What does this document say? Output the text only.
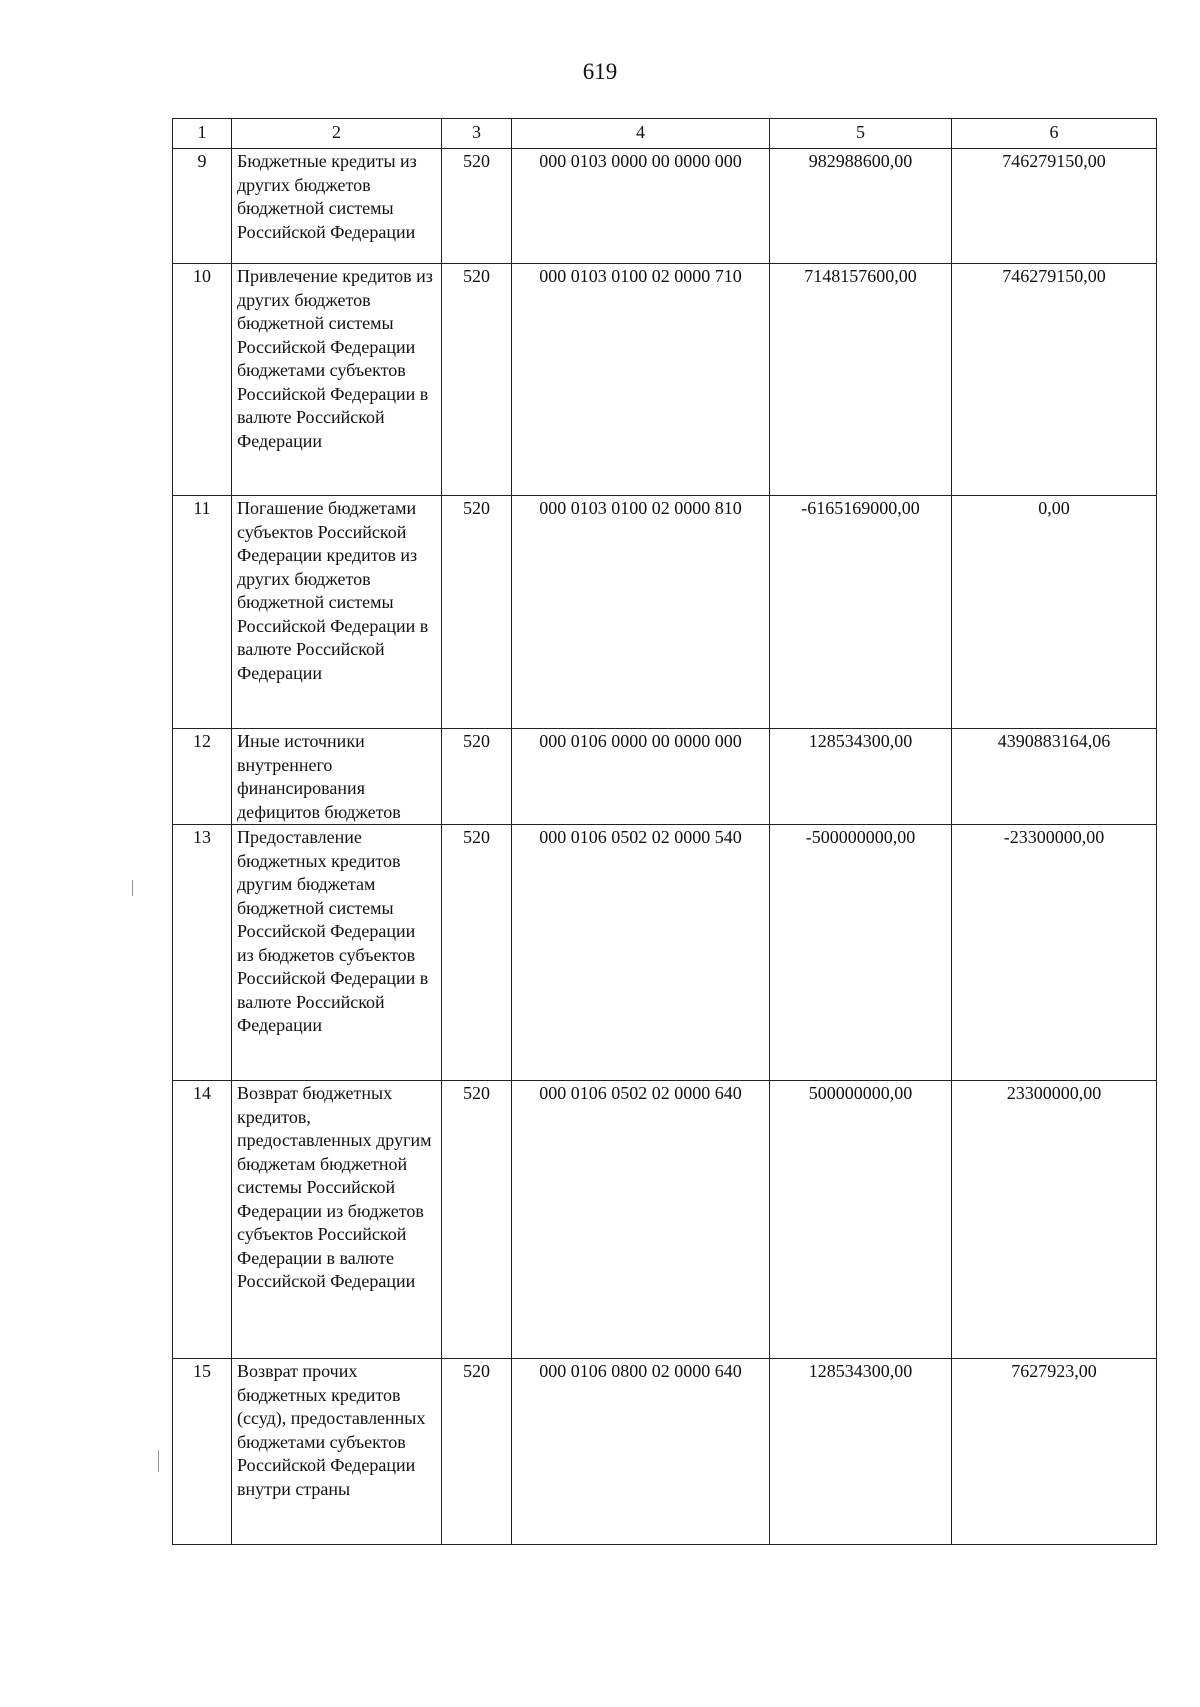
619
1	2	3	4	5	6
9	Бюджетные кредиты из других бюджетов бюджетной системы Российской Федерации	520	000 0103 0000 00 0000 000	982988600,00	746279150,00
10	Привлечение кредитов из других бюджетов бюджетной системы Российской Федерации бюджетами субъектов Российской Федерации в валюте Российской Федерации	520	000 0103 0100 02 0000 710	7148157600,00	746279150,00
11	Погашение бюджетами субъектов Российской Федерации кредитов из других бюджетов бюджетной системы Российской Федерации в валюте Российской Федерации	520	000 0103 0100 02 0000 810	-6165169000,00	0,00
12	Иные источники внутреннего финансирования дефицитов бюджетов	520	000 0106 0000 00 0000 000	128534300,00	4390883164,06
13	Предоставление бюджетных кредитов другим бюджетам бюджетной системы Российской Федерации из бюджетов субъектов Российской Федерации в валюте Российской Федерации	520	000 0106 0502 02 0000 540	-500000000,00	-23300000,00
14	Возврат бюджетных кредитов, предоставленных другим бюджетам бюджетной системы Российской Федерации из бюджетов субъектов Российской Федерации в валюте Российской Федерации	520	000 0106 0502 02 0000 640	500000000,00	23300000,00
15	Возврат прочих бюджетных кредитов (ссуд), предоставленных бюджетами субъектов Российской Федерации внутри страны	520	000 0106 0800 02 0000 640	128534300,00	7627923,00
